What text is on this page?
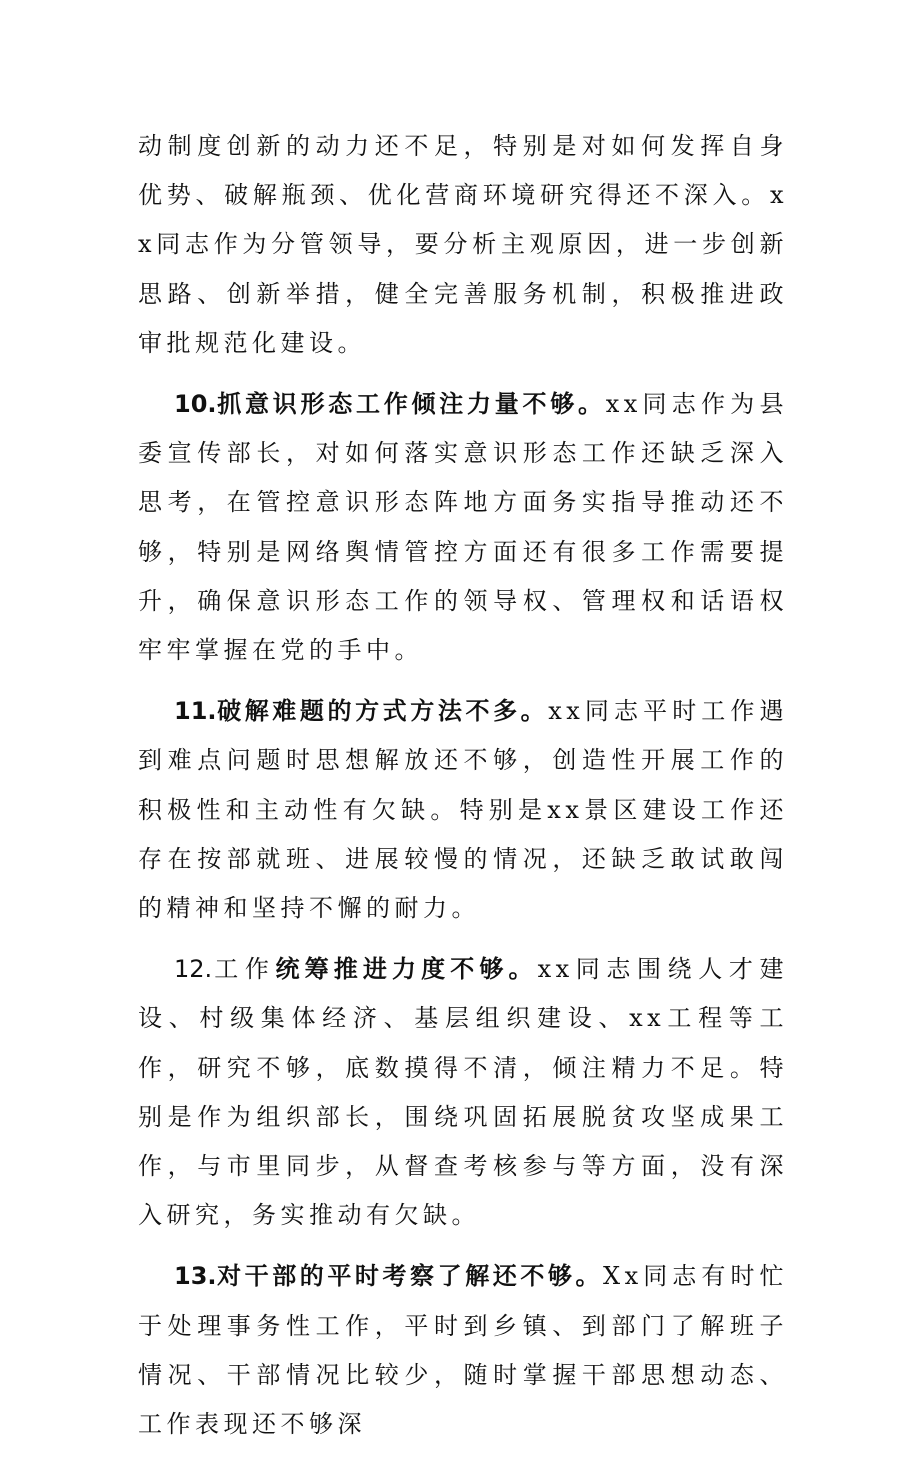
动制度创新的动力还不足，特别是对如何发挥自身优势、破解瓶颈、优化营商环境研究得还不深入。xx同志作为分管领导，要分析主观原因，进一步创新思路、创新举措，健全完善服务机制，积极推进政审批规范化建设。

10.抓意识形态工作倾注力量不够。xx同志作为县委宣传部长，对如何落实意识形态工作还缺乏深入思考，在管控意识形态阵地方面务实指导推动还不够，特别是网络舆情管控方面还有很多工作需要提升，确保意识形态工作的领导权、管理权和话语权牢牢掌握在党的手中。

11.破解难题的方式方法不多。xx同志平时工作遇到难点问题时思想解放还不够，创造性开展工作的积极性和主动性有欠缺。特别是xx景区建设工作还存在按部就班、进展较慢的情况，还缺乏敢试敢闯的精神和坚持不懈的耐力。

12.工作统筹推进力度不够。xx同志围绕人才建设、村级集体经济、基层组织建设、xx工程等工作，研究不够，底数摸得不清，倾注精力不足。特别是作为组织部长，围绕巩固拓展脱贫攻坚成果工作，与市里同步，从督查考核参与等方面，没有深入研究，务实推动有欠缺。

13.对干部的平时考察了解还不够。Xx同志有时忙于处理事务性工作，平时到乡镇、到部门了解班子情况、干部情况比较少，随时掌握干部思想动态、工作表现还不够深
